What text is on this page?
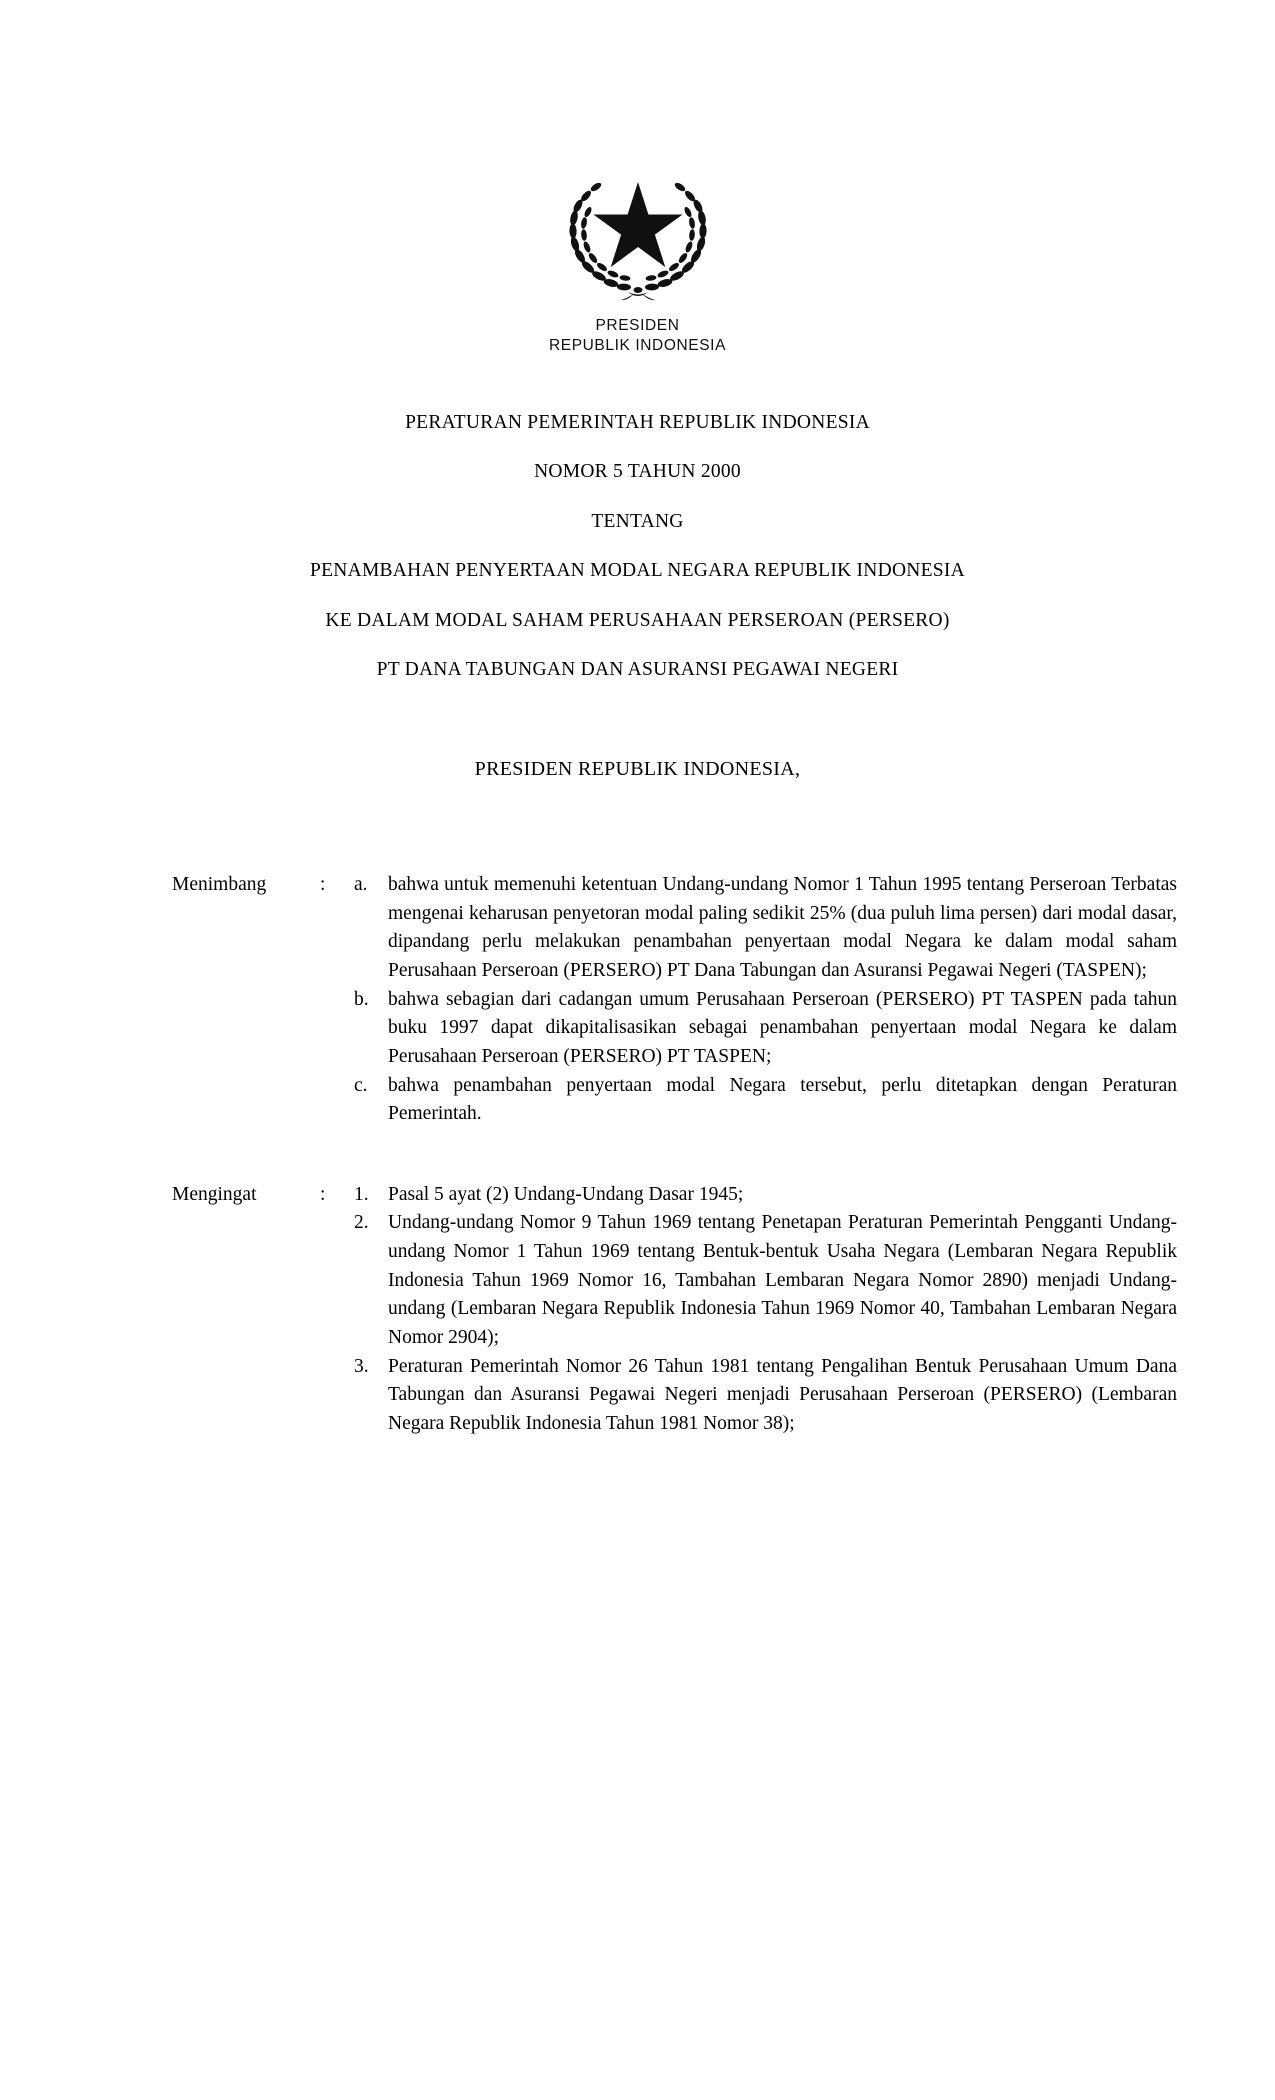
PRESIDEN
REPUBLIK INDONESIA
PERATURAN PEMERINTAH REPUBLIK INDONESIA
NOMOR 5 TAHUN 2000
TENTANG
PENAMBAHAN PENYERTAAN MODAL NEGARA REPUBLIK INDONESIA
KE DALAM MODAL SAHAM PERUSAHAAN PERSEROAN (PERSERO)
PT DANA TABUNGAN DAN ASURANSI PEGAWAI NEGERI
PRESIDEN REPUBLIK INDONESIA,
Menimbang	:	a.	bahwa untuk memenuhi ketentuan Undang-undang Nomor 1 Tahun 1995 tentang Perseroan Terbatas mengenai keharusan penyetoran modal paling sedikit 25% (dua puluh lima persen) dari modal dasar, dipandang perlu melakukan penambahan penyertaan modal Negara ke dalam modal saham Perusahaan Perseroan (PERSERO) PT Dana Tabungan dan Asuransi Pegawai Negeri (TASPEN);
b. bahwa sebagian dari cadangan umum Perusahaan Perseroan (PERSERO) PT TASPEN pada tahun buku 1997 dapat dikapitalisasikan sebagai penambahan penyertaan modal Negara ke dalam Perusahaan Perseroan (PERSERO) PT TASPEN;
c.	bahwa penambahan penyertaan modal Negara tersebut, perlu ditetapkan dengan Peraturan Pemerintah.
Mengingat	:	1. Pasal 5 ayat (2) Undang-Undang Dasar 1945;
2. Undang-undang Nomor 9 Tahun 1969 tentang Penetapan Peraturan Pemerintah Pengganti Undang-undang Nomor 1 Tahun 1969 tentang Bentuk-bentuk Usaha Negara (Lembaran Negara Republik Indonesia Tahun 1969 Nomor 16, Tambahan Lembaran Negara Nomor 2890) menjadi Undang-undang (Lembaran Negara Republik Indonesia Tahun 1969 Nomor 40, Tambahan Lembaran Negara Nomor 2904);
3. Peraturan Pemerintah Nomor 26 Tahun 1981 tentang Pengalihan Bentuk Perusahaan Umum Dana Tabungan dan Asuransi Pegawai Negeri menjadi Perusahaan Perseroan (PERSERO) (Lembaran Negara Republik Indonesia Tahun 1981 Nomor 38);
